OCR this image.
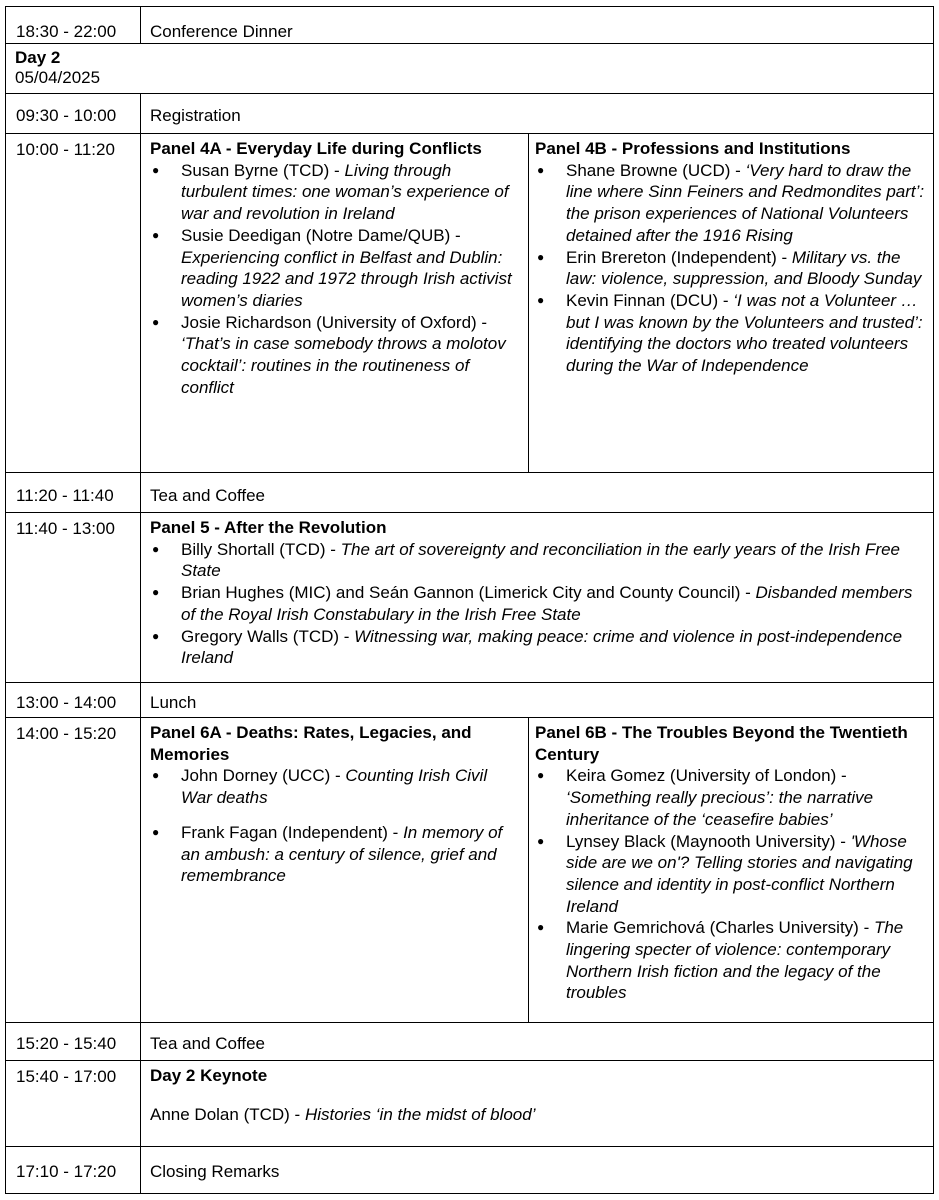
18:30 - 22:00	Conference Dinner
Day 2
05/04/2025
09:30 - 10:00	Registration
10:00 - 11:20	Panel 4A - Everyday Life during Conflicts
● Susan Byrne (TCD) - Living through turbulent times: one woman’s experience of war and revolution in Ireland
● Susie Deedigan (Notre Dame/QUB) - Experiencing conflict in Belfast and Dublin: reading 1922 and 1972 through Irish activist women’s diaries
● Josie Richardson (University of Oxford) - ‘That’s in case somebody throws a molotov cocktail’: routines in the routineness of conflict
Panel 4B - Professions and Institutions
● Shane Browne (UCD) - ‘Very hard to draw the line where Sinn Feiners and Redmondites part’: the prison experiences of National Volunteers detained after the 1916 Rising
● Erin Brereton (Independent) - Military vs. the law: violence, suppression, and Bloody Sunday
● Kevin Finnan (DCU) - ‘I was not a Volunteer … but I was known by the Volunteers and trusted’: identifying the doctors who treated volunteers during the War of Independence
11:20 - 11:40	Tea and Coffee
11:40 - 13:00	Panel 5 - After the Revolution
● Billy Shortall (TCD) - The art of sovereignty and reconciliation in the early years of the Irish Free State
● Brian Hughes (MIC) and Seán Gannon (Limerick City and County Council) - Disbanded members of the Royal Irish Constabulary in the Irish Free State
● Gregory Walls (TCD) - Witnessing war, making peace: crime and violence in post-independence Ireland
13:00 - 14:00	Lunch
14:00 - 15:20	Panel 6A - Deaths: Rates, Legacies, and Memories
● John Dorney (UCC) - Counting Irish Civil War deaths
● Frank Fagan (Independent) - In memory of an ambush: a century of silence, grief and remembrance
Panel 6B - The Troubles Beyond the Twentieth Century
● Keira Gomez (University of London) - ‘Something really precious’: the narrative inheritance of the ‘ceasefire babies’
● Lynsey Black (Maynooth University) - 'Whose side are we on'? Telling stories and navigating silence and identity in post-conflict Northern Ireland
● Marie Gemrichová (Charles University) - The lingering specter of violence: contemporary Northern Irish fiction and the legacy of the troubles
15:20 - 15:40	Tea and Coffee
15:40 - 17:00	Day 2 Keynote
Anne Dolan (TCD) - Histories ‘in the midst of blood’
17:10 - 17:20	Closing Remarks
